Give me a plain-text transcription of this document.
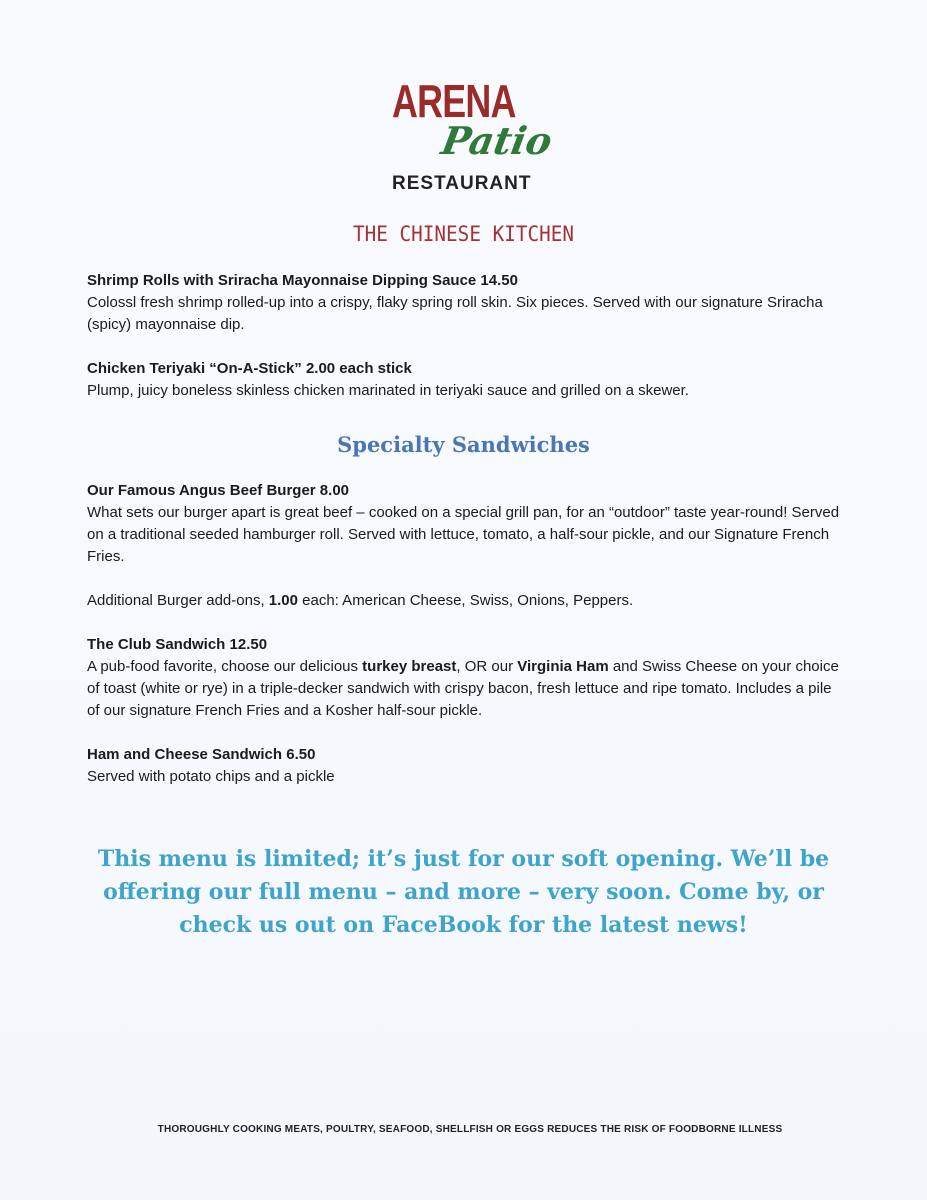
ARENA
Patio
RESTAURANT
THE CHINESE KITCHEN

Shrimp Rolls with Sriracha Mayonnaise Dipping Sauce 14.50
Colossl fresh shrimp rolled-up into a crispy, flaky spring roll skin. Six pieces. Served with our signature Sriracha (spicy) mayonnaise dip.

Chicken Teriyaki “On-A-Stick” 2.00 each stick
Plump, juicy boneless skinless chicken marinated in teriyaki sauce and grilled on a skewer.

Specialty Sandwiches

Our Famous Angus Beef Burger 8.00
What sets our burger apart is great beef – cooked on a special grill pan, for an “outdoor” taste year-round! Served on a traditional seeded hamburger roll. Served with lettuce, tomato, a half-sour pickle, and our Signature French Fries.

Additional Burger add-ons, 1.00 each: American Cheese, Swiss, Onions, Peppers.

The Club Sandwich 12.50
A pub-food favorite, choose our delicious turkey breast, OR our Virginia Ham and Swiss Cheese on your choice of toast (white or rye) in a triple-decker sandwich with crispy bacon, fresh lettuce and ripe tomato. Includes a pile of our signature French Fries and a Kosher half-sour pickle.

Ham and Cheese Sandwich 6.50
Served with potato chips and a pickle

This menu is limited; it’s just for our soft opening. We’ll be offering our full menu – and more – very soon. Come by, or check us out on FaceBook for the latest news!
THOROUGHLY COOKING MEATS, POULTRY, SEAFOOD, SHELLFISH OR EGGS REDUCES THE RISK OF FOODBORNE ILLNESS
